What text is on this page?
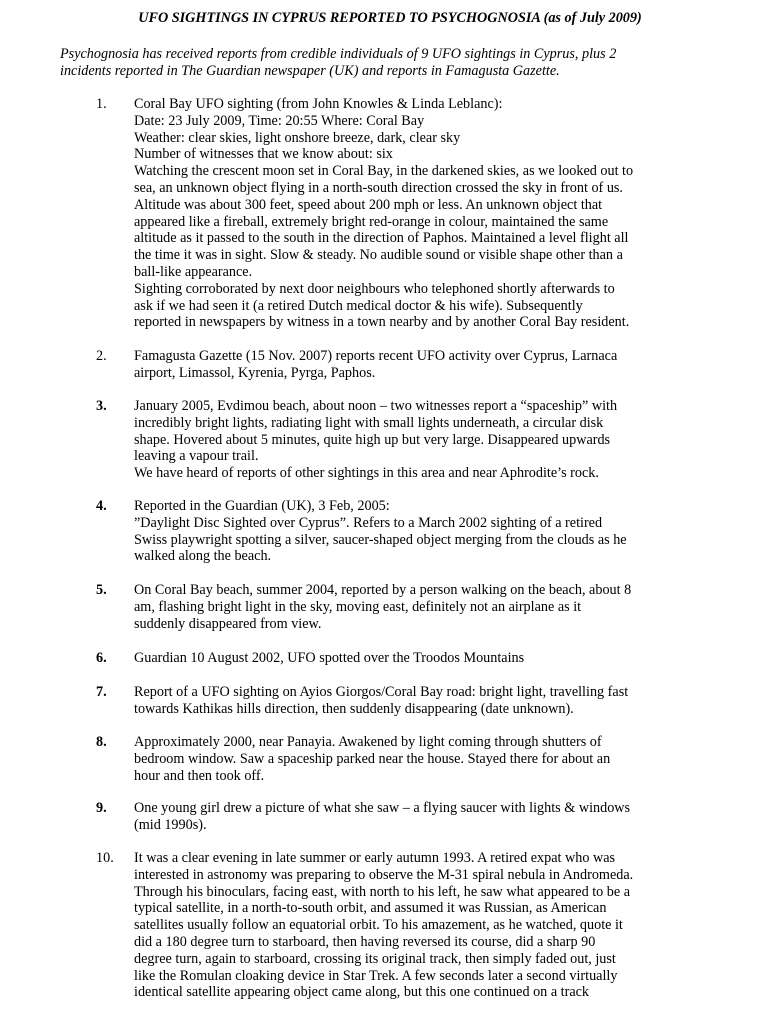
UFO SIGHTINGS IN CYPRUS REPORTED TO PSYCHOGNOSIA (as of July 2009)
Psychognosia has received reports from credible individuals of 9 UFO sightings in Cyprus, plus 2
incidents reported in The Guardian newspaper (UK) and reports in Famagusta Gazette.
1.	Coral Bay UFO sighting (from John Knowles & Linda Leblanc):
Date: 23 July 2009, Time: 20:55 Where: Coral Bay
Weather: clear skies, light onshore breeze, dark, clear sky
Number of witnesses that we know about: six
Watching the crescent moon set in Coral Bay, in the darkened skies, as we looked out to
sea, an unknown object flying in a north-south direction crossed the sky in front of us.
Altitude was about 300 feet, speed about 200 mph or less. An unknown object that
appeared like a fireball, extremely bright red-orange in colour, maintained the same
altitude as it passed to the south in the direction of Paphos. Maintained a level flight all
the time it was in sight. Slow & steady. No audible sound or visible shape other than a
ball-like appearance.
Sighting corroborated by next door neighbours who telephoned shortly afterwards to
ask if we had seen it (a retired Dutch medical doctor & his wife). Subsequently
reported in newspapers by witness in a town nearby and by another Coral Bay resident.
2.	Famagusta Gazette (15 Nov. 2007) reports recent UFO activity over Cyprus, Larnaca
airport, Limassol, Kyrenia, Pyrga, Paphos.
3.	January 2005, Evdimou beach, about noon – two witnesses report a “spaceship” with
incredibly bright lights, radiating light with small lights underneath, a circular disk
shape. Hovered about 5 minutes, quite high up but very large. Disappeared upwards
leaving a vapour trail.
We have heard of reports of other sightings in this area and near Aphrodite’s rock.
4.	Reported in the Guardian (UK), 3 Feb, 2005:
”Daylight Disc Sighted over Cyprus”. Refers to a March 2002 sighting of a retired
Swiss playwright spotting a silver, saucer-shaped object merging from the clouds as he
walked along the beach.
5.	On Coral Bay beach, summer 2004, reported by a person walking on the beach, about 8
am, flashing bright light in the sky, moving east, definitely not an airplane as it
suddenly disappeared from view.
6.	Guardian 10 August 2002, UFO spotted over the Troodos Mountains
7.	Report of a UFO sighting on Ayios Giorgos/Coral Bay road: bright light, travelling fast
towards Kathikas hills direction, then suddenly disappearing (date unknown).
8.	Approximately 2000, near Panayia. Awakened by light coming through shutters of
bedroom window. Saw a spaceship parked near the house. Stayed there for about an
hour and then took off.
9.	One young girl drew a picture of what she saw – a flying saucer with lights & windows
(mid 1990s).
10.	It was a clear evening in late summer or early autumn 1993. A retired expat who was
interested in astronomy was preparing to observe the M-31 spiral nebula in Andromeda.
Through his binoculars, facing east, with north to his left, he saw what appeared to be a
typical satellite, in a north-to-south orbit, and assumed it was Russian, as American
satellites usually follow an equatorial orbit. To his amazement, as he watched, quote it
did a 180 degree turn to starboard, then having reversed its course, did a sharp 90
degree turn, again to starboard, crossing its original track, then simply faded out, just
like the Romulan cloaking device in Star Trek. A few seconds later a second virtually
identical satellite appearing object came along, but this one continued on a track
